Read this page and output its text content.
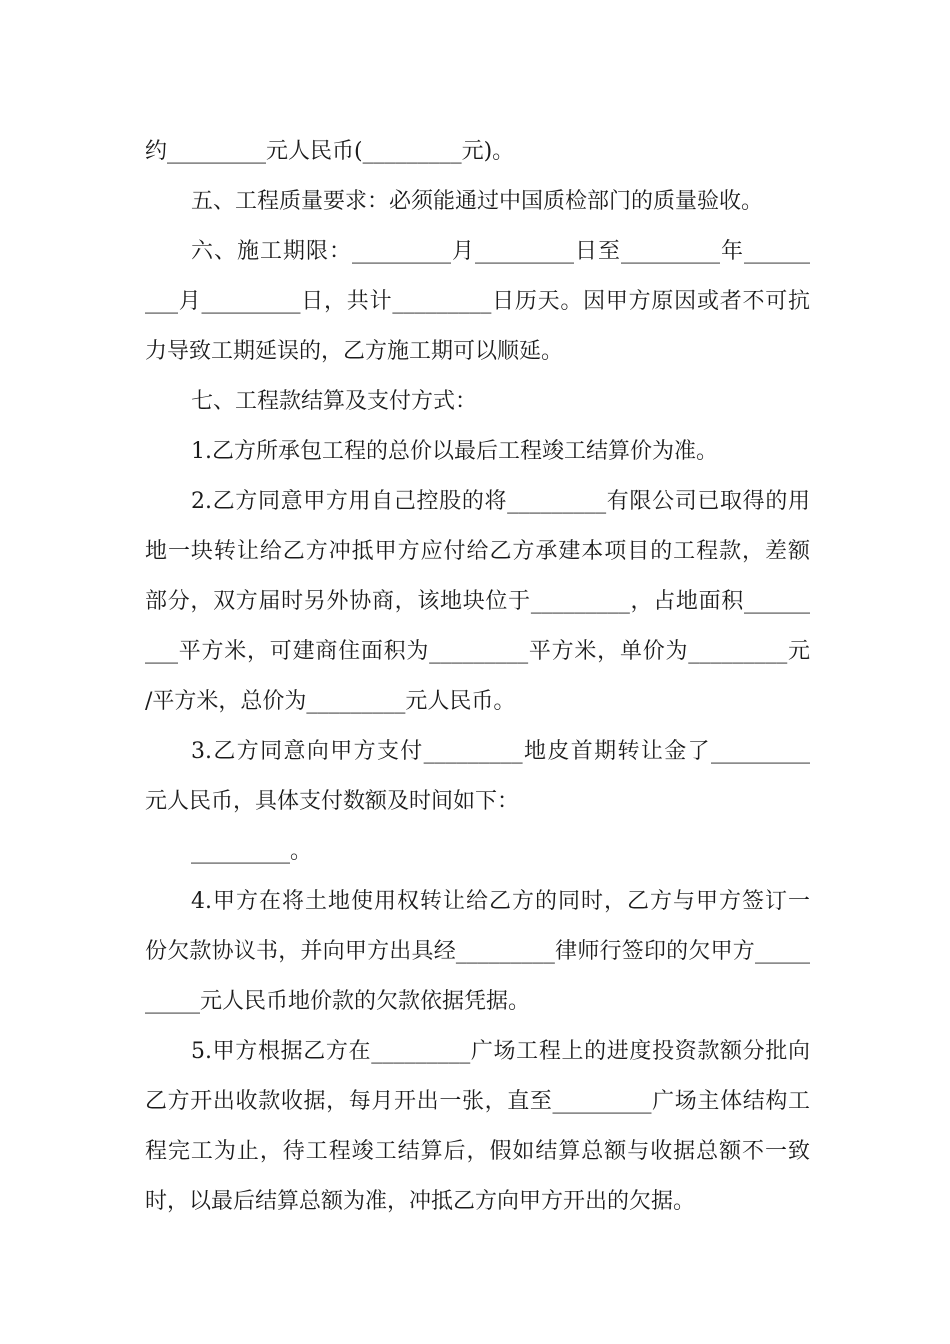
约_________元人民币(_________元)。
五、工程质量要求：必须能通过中国质检部门的质量验收。
六、施工期限：_________月_________日至_________年______
___月_________日，共计_________日历天。因甲方原因或者不可抗
力导致工期延误的，乙方施工期可以顺延。
七、工程款结算及支付方式：
1.乙方所承包工程的总价以最后工程竣工结算价为准。
2.乙方同意甲方用自己控股的将_________有限公司已取得的用
地一块转让给乙方冲抵甲方应付给乙方承建本项目的工程款，差额
部分，双方届时另外协商，该地块位于_________，占地面积______
___平方米，可建商住面积为_________平方米，单价为_________元
/平方米，总价为_________元人民币。
3.乙方同意向甲方支付_________地皮首期转让金了_________
元人民币，具体支付数额及时间如下：
_________。
4.甲方在将土地使用权转让给乙方的同时，乙方与甲方签订一
份欠款协议书，并向甲方出具经_________律师行签印的欠甲方_____
_____元人民币地价款的欠款依据凭据。
5.甲方根据乙方在_________广场工程上的进度投资款额分批向
乙方开出收款收据，每月开出一张，直至_________广场主体结构工
程完工为止，待工程竣工结算后，假如结算总额与收据总额不一致
时，以最后结算总额为准，冲抵乙方向甲方开出的欠据。
